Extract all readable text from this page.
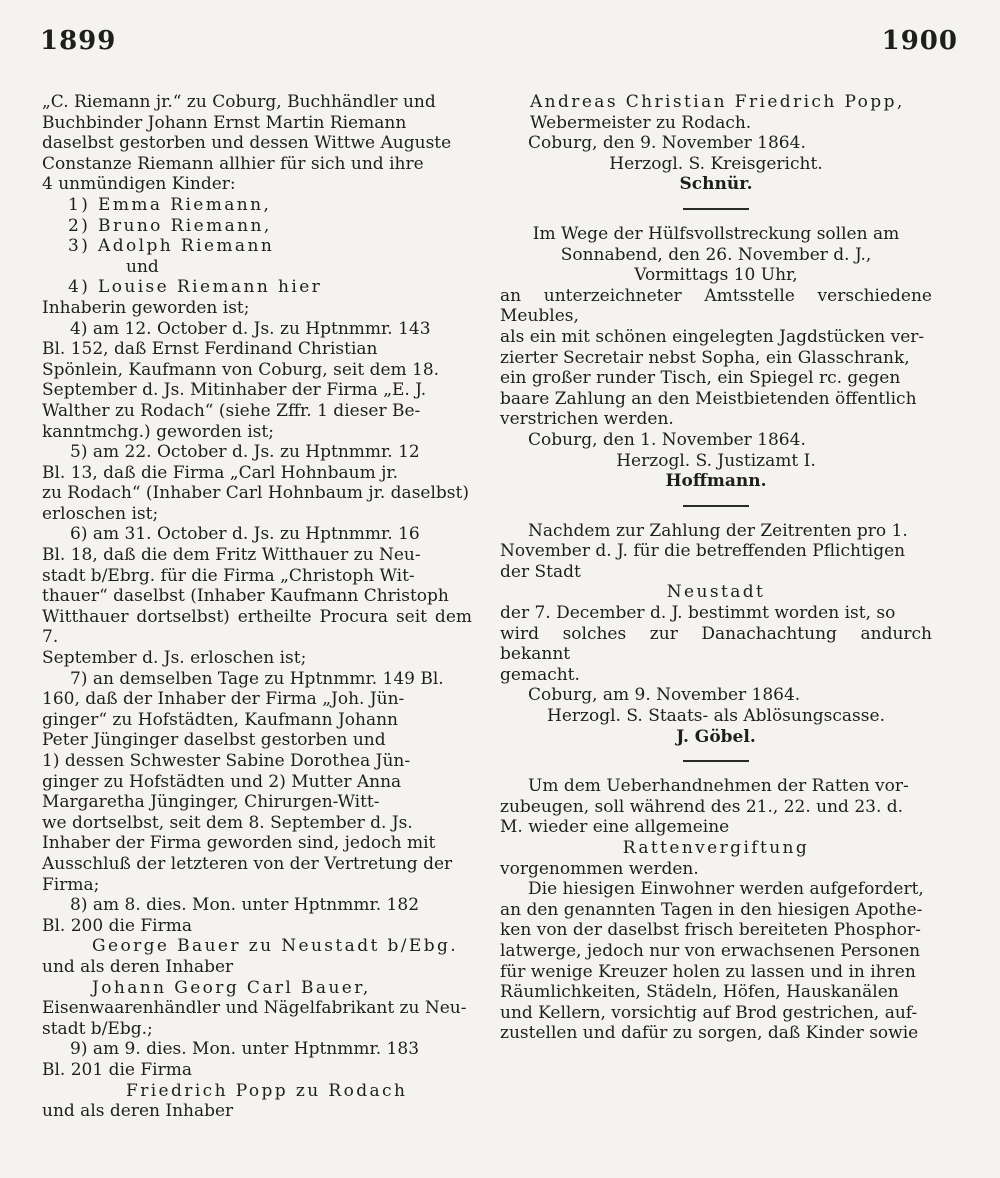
1899	1900

„C. Riemann jr.“ zu Coburg, Buchhändler und

Buchbinder Johann Ernst Martin Riemann

daselbst gestorben und dessen Wittwe Auguste

Constanze Riemann allhier für sich und ihre

4 unmündigen Kinder:

1) Emma Riemann,

2) Bruno Riemann,

3) Adolph Riemann

und

4) Louise Riemann hier

Inhaberin geworden ist;

4) am 12. October d. Js. zu Hptnmmr. 143

Bl. 152, daß Ernst Ferdinand Christian

Spönlein, Kaufmann von Coburg, seit dem 18.

September d. Js. Mitinhaber der Firma „E. J.

Walther zu Rodach“ (siehe Zffr. 1 dieser Be-

kanntmchg.) geworden ist;

5) am 22. October d. Js. zu Hptnmmr. 12

Bl. 13, daß die Firma „Carl Hohnbaum jr.

zu Rodach“ (Inhaber Carl Hohnbaum jr. daselbst)

erloschen ist;

6) am 31. October d. Js. zu Hptnmmr. 16

Bl. 18, daß die dem Fritz Witthauer zu Neu-

stadt b/Ebrg. für die Firma „Christoph Wit-

thauer“ daselbst (Inhaber Kaufmann Christoph

Witthauer dortselbst) ertheilte Procura seit dem 7.

September d. Js. erloschen ist;

7) an demselben Tage zu Hptnmmr. 149 Bl.

160, daß der Inhaber der Firma „Joh. Jün-

ginger“ zu Hofstädten, Kaufmann Johann

Peter Jünginger daselbst gestorben und

1) dessen Schwester Sabine Dorothea Jün-

ginger zu Hofstädten und 2) Mutter Anna

Margaretha Jünginger, Chirurgen-Witt-

we dortselbst, seit dem 8. September d. Js.

Inhaber der Firma geworden sind, jedoch mit

Ausschluß der letzteren von der Vertretung der

Firma;

8) am 8. dies. Mon. unter Hptnmmr. 182

Bl. 200 die Firma

George Bauer zu Neustadt b/Ebg.

und als deren Inhaber

Johann Georg Carl Bauer,

Eisenwaarenhändler und Nägelfabrikant zu Neu-

stadt b/Ebg.;

9) am 9. dies. Mon. unter Hptnmmr. 183

Bl. 201 die Firma

Friedrich Popp zu Rodach

und als deren Inhaber

Andreas Christian Friedrich Popp,

Webermeister zu Rodach.

Coburg, den 9. November 1864.

Herzogl. S. Kreisgericht.

Schnür.

Im Wege der Hülfsvollstreckung sollen am

Sonnabend, den 26. November d. J.,

Vormittags 10 Uhr,

an unterzeichneter Amtsstelle verschiedene Meubles,

als ein mit schönen eingelegten Jagdstücken ver-

zierter Secretair nebst Sopha, ein Glasschrank,

ein großer runder Tisch, ein Spiegel rc. gegen

baare Zahlung an den Meistbietenden öffentlich

verstrichen werden.

Coburg, den 1. November 1864.

Herzogl. S. Justizamt I.

Hoffmann.

Nachdem zur Zahlung der Zeitrenten pro 1.

November d. J. für die betreffenden Pflichtigen

der Stadt

Neustadt

der 7. December d. J. bestimmt worden ist, so

wird solches zur Danachachtung andurch bekannt

gemacht.

Coburg, am 9. November 1864.

Herzogl. S. Staats- als Ablösungscasse.

J. Göbel.

Um dem Ueberhandnehmen der Ratten vor-

zubeugen, soll während des 21., 22. und 23. d.

M. wieder eine allgemeine

Rattenvergiftung

vorgenommen werden.

Die hiesigen Einwohner werden aufgefordert,

an den genannten Tagen in den hiesigen Apothe-

ken von der daselbst frisch bereiteten Phosphor-

latwerge, jedoch nur von erwachsenen Personen

für wenige Kreuzer holen zu lassen und in ihren

Räumlichkeiten, Städeln, Höfen, Hauskanälen

und Kellern, vorsichtig auf Brod gestrichen, auf-

zustellen und dafür zu sorgen, daß Kinder sowie
